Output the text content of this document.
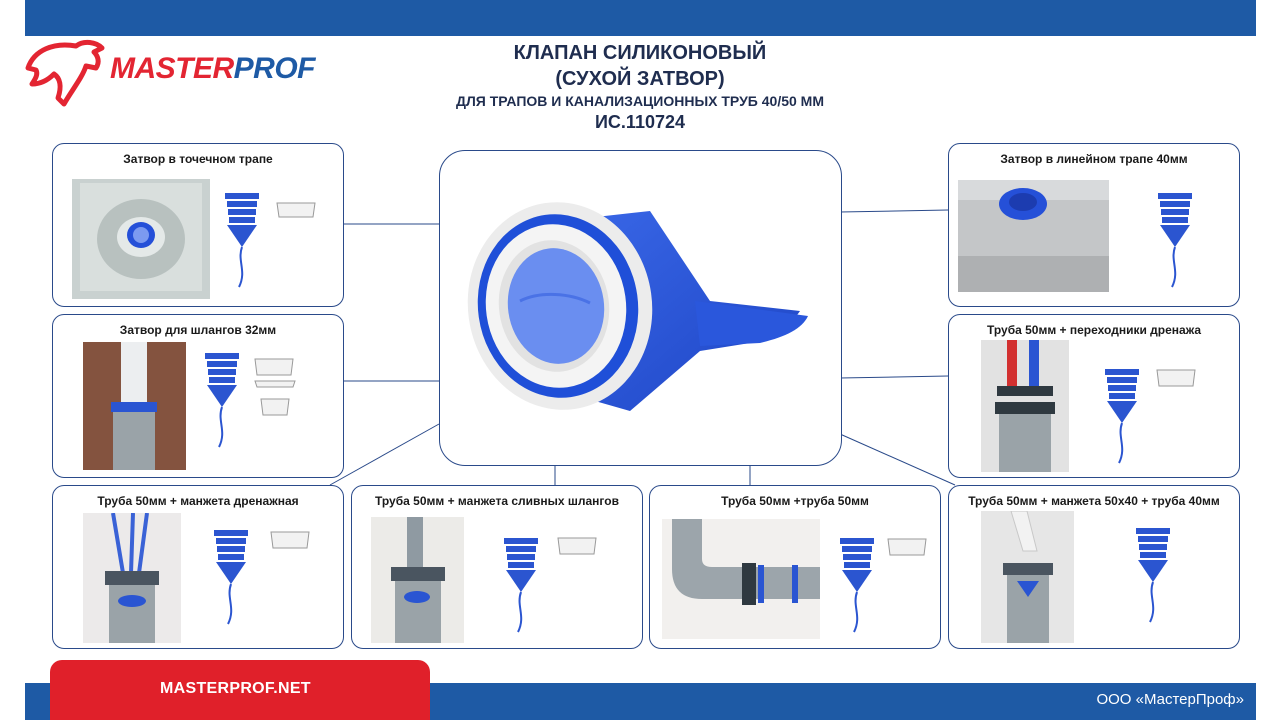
MASTERPROF	КЛАПАН СИЛИКОНОВЫЙ
(СУХОЙ ЗАТВОР)
ДЛЯ ТРАПОВ И КАНАЛИЗАЦИОННЫХ ТРУБ 40/50 ММ
ИС.110724
Затвор в точечном трапе
Затвор для шлангов 32мм
Труба 50мм + манжета дренажная	Труба 50мм + манжета сливных шлангов	Труба 50мм +труба 50мм
Затвор в линейном трапе 40мм
Труба 50мм + переходники дренажа
Труба 50мм + манжета 50х40 + труба 40мм
MASTERPROF.NET
ООО «МастерПроф»
